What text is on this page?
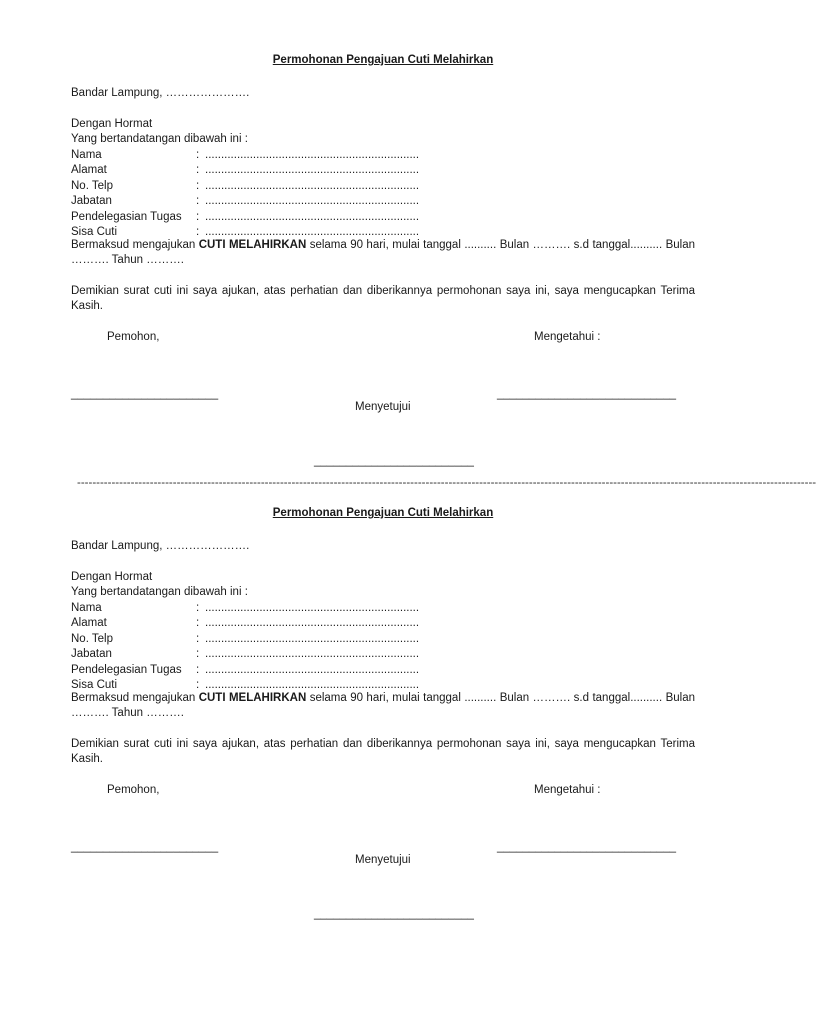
Permohonan Pengajuan Cuti Melahirkan
Bandar Lampung, ………………….
Dengan Hormat
Yang bertandatangan dibawah ini :
Nama	: ...................................................................
Alamat	: ...................................................................
No. Telp	: ...................................................................
Jabatan	: ...................................................................
Pendelegasian Tugas : ...................................................................
Sisa Cuti	: ...................................................................
Bermaksud mengajukan CUTI MELAHIRKAN selama 90 hari, mulai tanggal .......... Bulan ………. s.d tanggal.......... Bulan ………. Tahun ……….
Demikian surat cuti ini saya ajukan, atas perhatian dan diberikannya permohonan saya ini, saya mengucapkan Terima Kasih.
Pemohon,	Mengetahui :
_______________________	____________________________
Menyetujui
_________________________
-------------------------------------------------------------------------------------------------------------------------------------------------------------------------------------------------
Permohonan Pengajuan Cuti Melahirkan
Bandar Lampung, ………………….
Dengan Hormat
Yang bertandatangan dibawah ini :
Nama	: ...................................................................
Alamat	: ...................................................................
No. Telp	: ...................................................................
Jabatan	: ...................................................................
Pendelegasian Tugas : ...................................................................
Sisa Cuti	: ...................................................................
Bermaksud mengajukan CUTI MELAHIRKAN selama 90 hari, mulai tanggal .......... Bulan ………. s.d tanggal.......... Bulan ………. Tahun ……….
Demikian surat cuti ini saya ajukan, atas perhatian dan diberikannya permohonan saya ini, saya mengucapkan Terima Kasih.
Pemohon,	Mengetahui :
_______________________	____________________________
Menyetujui
_________________________
